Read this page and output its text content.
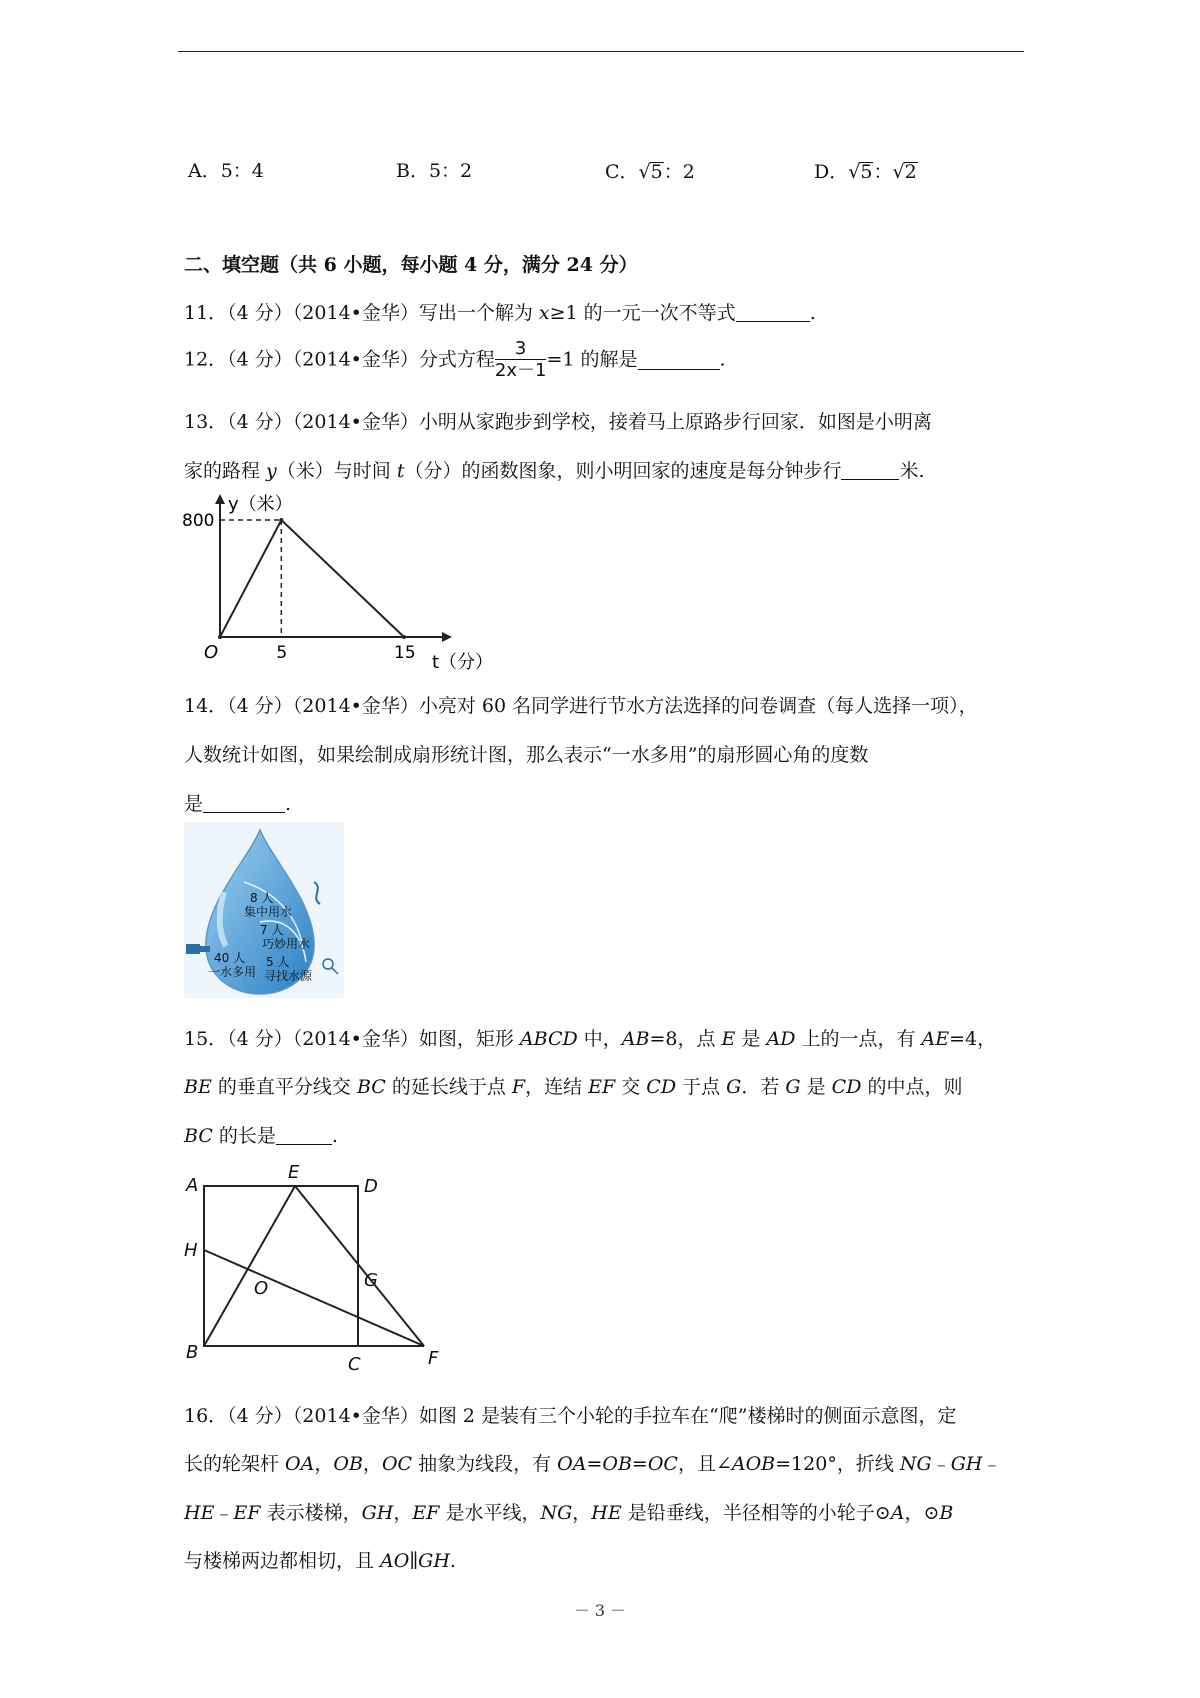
A．5：4	B．5：2	C．√5：2	D．√5：√2
二、填空题（共 6 小题，每小题 4 分，满分 24 分）
11．（4 分）（2014•金华）写出一个解为 x≥1 的一元一次不等式	.
12．（4 分）（2014•金华）分式方程 $\frac{3}{2x-1} =1$ 的解是	.
13．（4 分）（2014•金华）小明从家跑步到学校，接着马上原路步行回家．如图是小明离
家的路程 y（米）与时间 t（分）的函数图象，则小明回家的速度是每分钟步行	米.
y（米）
t（分）
O
800
5	15
14．（4 分）（2014•金华）小亮对 60 名同学进行节水方法选择的问卷调查（每人选择一项），
人数统计如图，如果绘制成扇形统计图，那么表示“一水多用”的扇形圆心角的度数
是	.
8 人
集中用水
7 人
巧妙用水
5 人
寻找水源
40 人
一水多用
15．（4 分）（2014•金华）如图，矩形 ABCD 中，AB=8，点 E 是 AD 上的一点，有 AE=4，
BE 的垂直平分线交 BC 的延长线于点 F，连结 EF 交 CD 于点 G．若 G 是 CD 的中点，则
BC 的长是	.
A
E
D
H
G
O
B
C	F
16．（4 分）（2014•金华）如图 2 是装有三个小轮的手拉车在“爬”楼梯时的侧面示意图，定
长的轮架杆 OA，OB，OC 抽象为线段，有 OA=OB=OC，且∠AOB=120°，折线 NG﹣GH﹣
HE﹣EF 表示楼梯，GH，EF 是水平线，NG，HE 是铅垂线，半径相等的小轮子⊙A，⊙B
与楼梯两边都相切，且 AO∥GH.
－ 3 －
